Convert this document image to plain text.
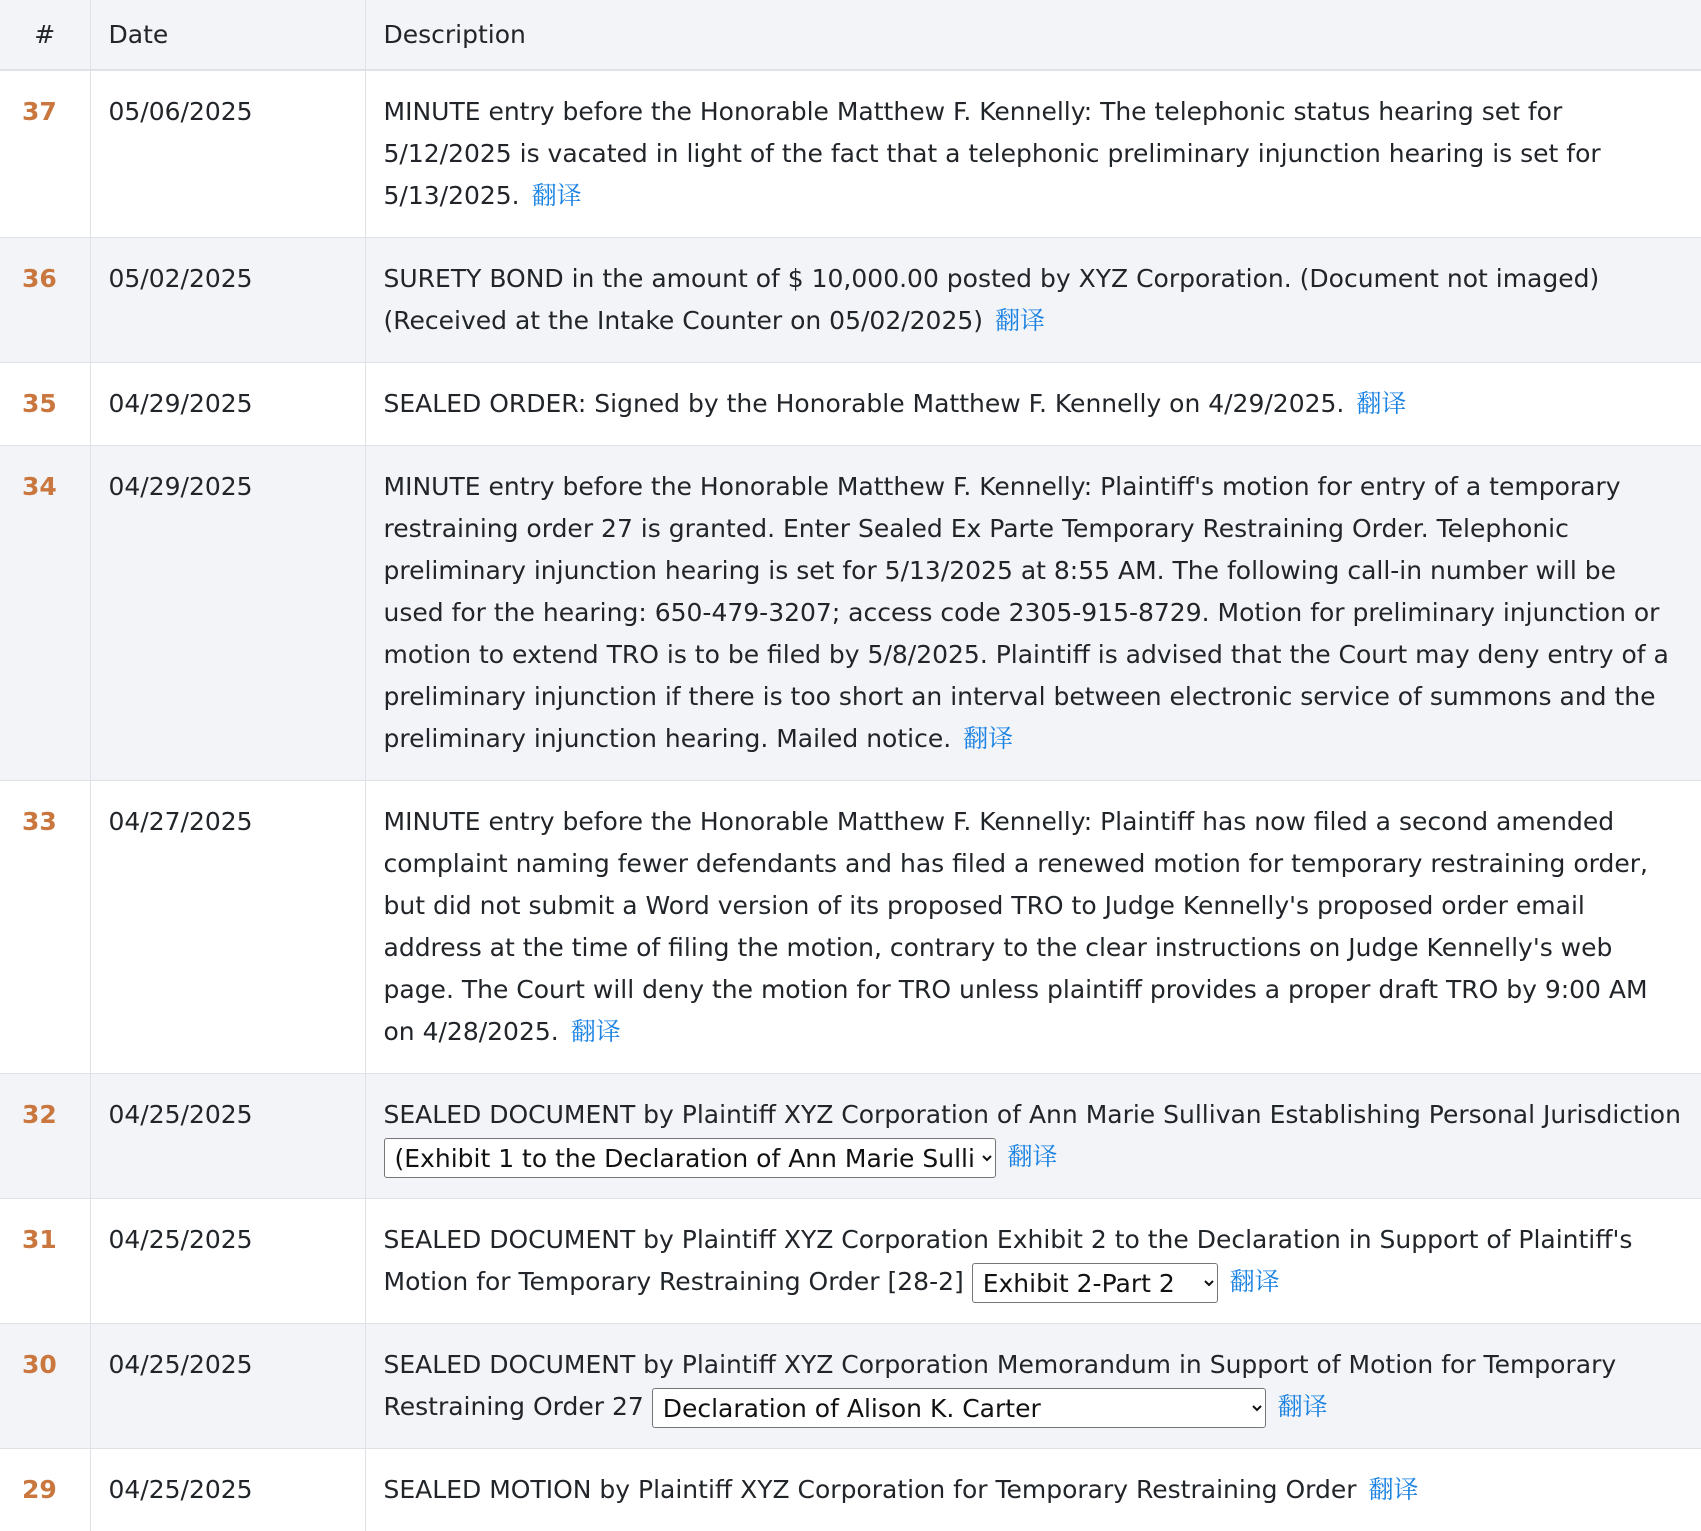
#	Date	Description
37	05/06/2025	MINUTE entry before the Honorable Matthew F. Kennelly: The telephonic status hearing set for 5/12/2025 is vacated in light of the fact that a telephonic preliminary injunction hearing is set for 5/13/2025. 翻译
36	05/02/2025	SURETY BOND in the amount of $ 10,000.00 posted by XYZ Corporation. (Document not imaged) (Received at the Intake Counter on 05/02/2025) 翻译
35	04/29/2025	SEALED ORDER: Signed by the Honorable Matthew F. Kennelly on 4/29/2025. 翻译
34	04/29/2025	MINUTE entry before the Honorable Matthew F. Kennelly: Plaintiff's motion for entry of a temporary restraining order 27 is granted. Enter Sealed Ex Parte Temporary Restraining Order. Telephonic preliminary injunction hearing is set for 5/13/2025 at 8:55 AM. The following call-in number will be used for the hearing: 650-479-3207; access code 2305-915-8729. Motion for preliminary injunction or motion to extend TRO is to be filed by 5/8/2025. Plaintiff is advised that the Court may deny entry of a preliminary injunction if there is too short an interval between electronic service of summons and the preliminary injunction hearing. Mailed notice. 翻译
33	04/27/2025	MINUTE entry before the Honorable Matthew F. Kennelly: Plaintiff has now filed a second amended complaint naming fewer defendants and has filed a renewed motion for temporary restraining order, but did not submit a Word version of its proposed TRO to Judge Kennelly's proposed order email address at the time of filing the motion, contrary to the clear instructions on Judge Kennelly's web page. The Court will deny the motion for TRO unless plaintiff provides a proper draft TRO by 9:00 AM on 4/28/2025. 翻译
32	04/25/2025	SEALED DOCUMENT by Plaintiff XYZ Corporation of Ann Marie Sullivan Establishing Personal Jurisdiction
(Exhibit 1 to the Declaration of Ann Marie Sullivan 翻译
31	04/25/2025	SEALED DOCUMENT by Plaintiff XYZ Corporation Exhibit 2 to the Declaration in Support of Plaintiff's Motion for Temporary Restraining Order [28-2]
Exhibit 2-Part 2 翻译
30	04/25/2025	SEALED DOCUMENT by Plaintiff XYZ Corporation Memorandum in Support of Motion for Temporary Restraining Order 27
Declaration of Alison K. Carter 翻译
29	04/25/2025	SEALED MOTION by Plaintiff XYZ Corporation for Temporary Restraining Order 翻译
